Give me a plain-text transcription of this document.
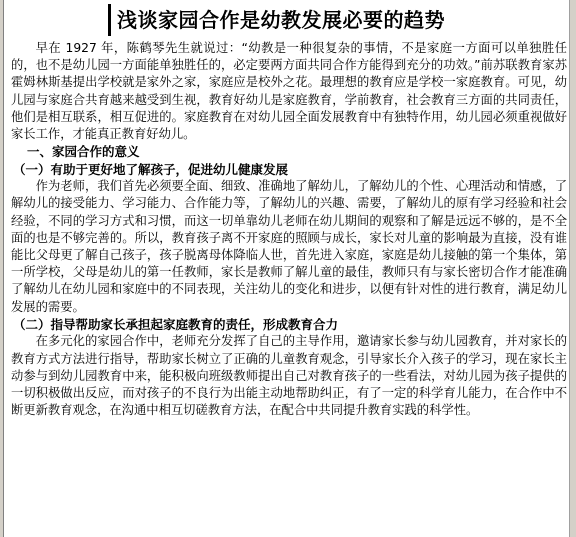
浅谈家园合作是幼教发展必要的趋势

早在 1927 年，陈鹤琴先生就说过：“幼教是一种很复杂的事情，不是家庭一方面可以单独胜任的，也不是幼儿园一方面能单独胜任的，必定要两方面共同合作方能得到充分的功效。”前苏联教育家苏霍姆林斯基提出学校就是家外之家，家庭应是校外之花。最理想的教育应是学校一家庭教育。可见，幼儿园与家庭合共育越来越受到生视，教育好幼儿是家庭教育，学前教育，社会教育三方面的共同责任，他们是相互联系，相互促进的。家庭教育在对幼儿园全面发展教育中有独特作用，幼儿园必须重视做好家长工作，才能真正教育好幼儿。

一、家园合作的意义

（一）有助于更好地了解孩子，促进幼儿健康发展

作为老师，我们首先必须要全面、细致、准确地了解幼儿，了解幼儿的个性、心理活动和情感，了解幼儿的接受能力、学习能力、合作能力等，了解幼儿的兴趣、需要，了解幼儿的原有学习经验和社会经验，不同的学习方式和习惯，而这一切单靠幼儿老师在幼儿期间的观察和了解是远远不够的，是不全面的也是不够完善的。所以，教育孩子离不开家庭的照顾与成长，家长对儿童的影响最为直接，没有谁能比父母更了解自己孩子，孩子脱离母体降临人世，首先进入家庭，家庭是幼儿接触的第一个集体，第一所学校，父母是幼儿的第一任教师，家长是教师了解儿童的最佳，教师只有与家长密切合作才能准确了解幼儿在幼儿园和家庭中的不同表现，关注幼儿的变化和进步，以便有针对性的进行教育，满足幼儿发展的需要。

（二）指导帮助家长承担起家庭教育的责任，形成教育合力

在多元化的家园合作中，老师充分发挥了自己的主导作用，邀请家长参与幼儿园教育，并对家长的教育方式方法进行指导，帮助家长树立了正确的儿童教育观念，引导家长介入孩子的学习，现在家长主动参与到幼儿园教育中来，能积极向班级教师提出自己对教育孩子的一些看法，对幼儿园为孩子提供的一切积极做出反应，而对孩子的不良行为出能主动地帮助纠正，有了一定的科学育儿能力，在合作中不断更新教育观念，在沟通中相互切磋教育方法，在配合中共同提升教育实践的科学性。
